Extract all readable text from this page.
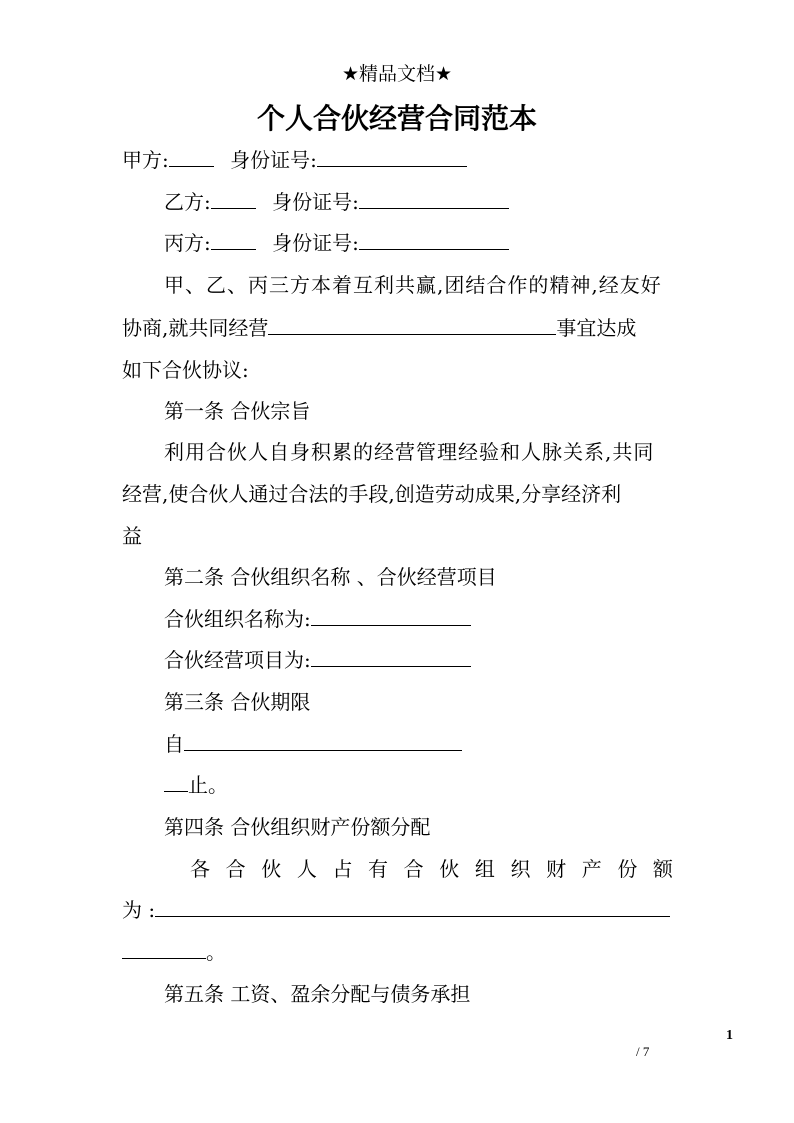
★精品文档★
个人合伙经营合同范本
甲方:	身份证号:
乙方:	身份证号:
丙方:	身份证号:
甲、乙、丙三方本着互利共赢,团结合作的精神,经友好
协商,就共同经营	事宜达成
如下合伙协议:
第一条 合伙宗旨
利用合伙人自身积累的经营管理经验和人脉关系,共同
经营,使合伙人通过合法的手段,创造劳动成果,分享经济利
益
第二条 合伙组织名称 、合伙经营项目
合伙组织名称为:
合伙经营项目为:
第三条 合伙期限
自
止。
第四条 合伙组织财产份额分配
各 合 伙 人 占 有 合 伙 组 织 财 产 份 额
为 :
。
第五条 工资、盈余分配与债务承担
1
/ 7
